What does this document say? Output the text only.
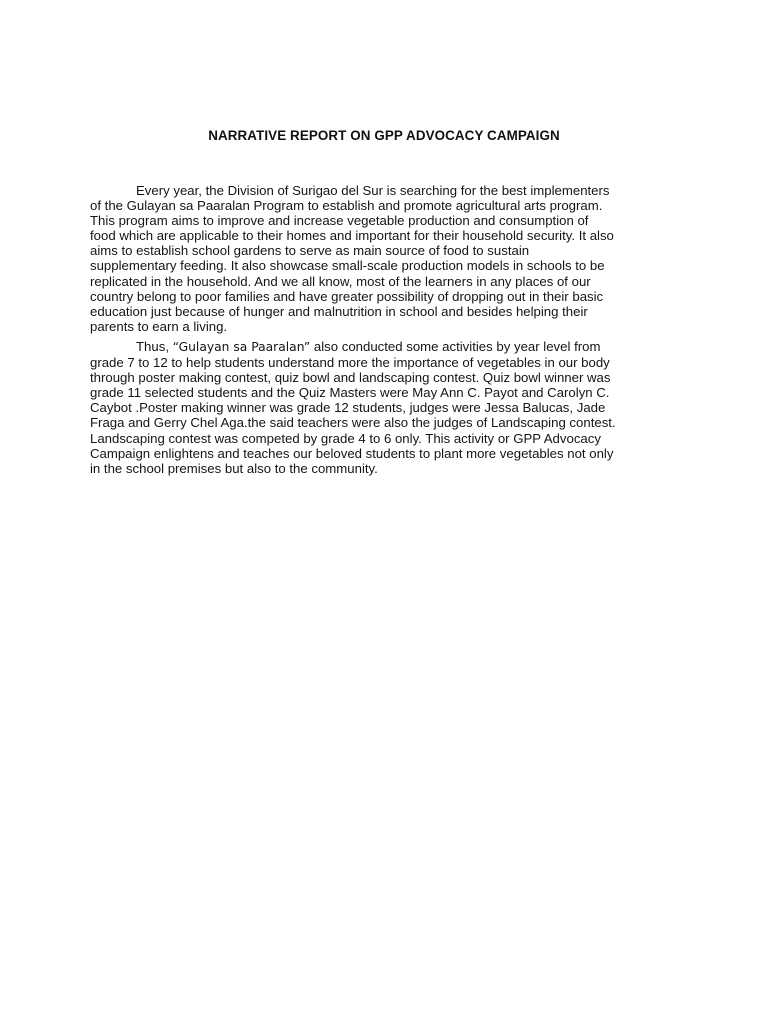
NARRATIVE REPORT ON GPP ADVOCACY CAMPAIGN
Every year, the Division of Surigao del Sur is searching for the best implementers
of the Gulayan sa Paaralan Program to establish and promote agricultural arts program.
This program aims to improve and increase vegetable production and consumption of
food which are applicable to their homes and important for their household security. It also
aims to establish school gardens to serve as main source of food to sustain
supplementary feeding. It also showcase small-scale production models in schools to be
replicated in the household. And we all know, most of the learners in any places of our
country belong to poor families and have greater possibility of dropping out in their basic
education just because of hunger and malnutrition in school and besides helping their
parents to earn a living.
Thus, “Gulayan sa Paaralan” also conducted some activities by year level from
grade 7 to 12 to help students understand more the importance of vegetables in our body
through poster making contest, quiz bowl and landscaping contest. Quiz bowl winner was
grade 11 selected students and the Quiz Masters were May Ann C. Payot and Carolyn C.
Caybot .Poster making winner was grade 12 students, judges were Jessa Balucas, Jade
Fraga and Gerry Chel Aga.the said teachers were also the judges of Landscaping contest.
Landscaping contest was competed by grade 4 to 6 only. This activity or GPP Advocacy
Campaign enlightens and teaches our beloved students to plant more vegetables not only
in the school premises but also to the community.
